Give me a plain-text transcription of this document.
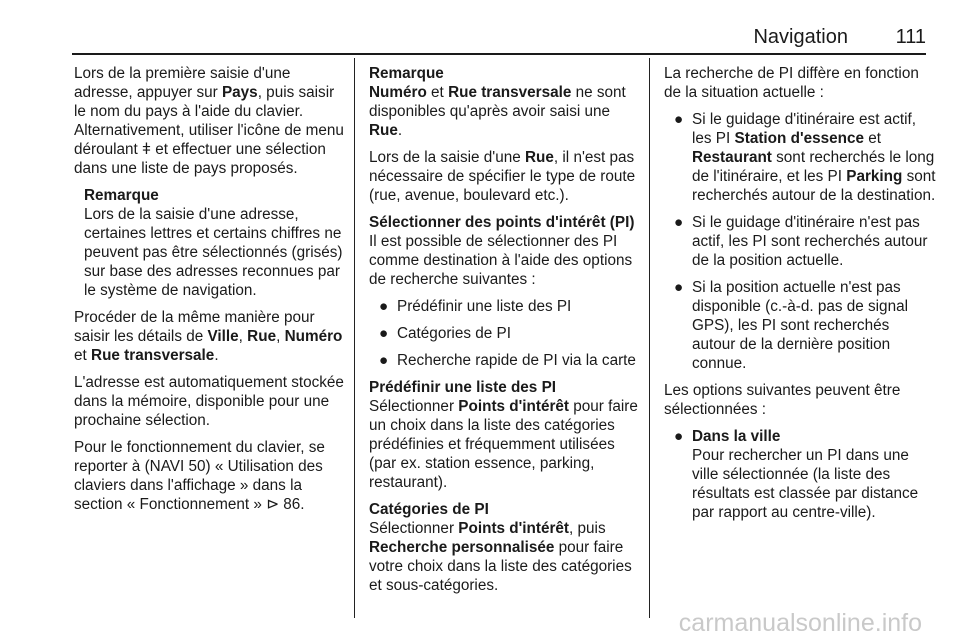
Navigation 111

Lors de la première saisie d'une adresse, appuyer sur Pays, puis saisir le nom du pays à l'aide du clavier. Alternativement, utiliser l'icône de menu déroulant ǂ et effectuer une sélection dans une liste de pays proposés.

Remarque
Lors de la saisie d'une adresse, certaines lettres et certains chiffres ne peuvent pas être sélectionnés (grisés) sur base des adresses reconnues par le système de navigation.

Procéder de la même manière pour saisir les détails de Ville, Rue, Numéro et Rue transversale.

L'adresse est automatiquement stockée dans la mémoire, disponible pour une prochaine sélection.

Pour le fonctionnement du clavier, se reporter à (NAVI 50) « Utilisation des claviers dans l'affichage » dans la section « Fonctionnement » ⊳ 86.

Remarque
Numéro et Rue transversale ne sont disponibles qu'après avoir saisi une Rue.

Lors de la saisie d'une Rue, il n'est pas nécessaire de spécifier le type de route (rue, avenue, boulevard etc.).

Sélectionner des points d'intérêt (PI)

Il est possible de sélectionner des PI comme destination à l'aide des options de recherche suivantes :

● Prédéfinir une liste des PI
● Catégories de PI
● Recherche rapide de PI via la carte
Prédéfinir une liste des PI

Sélectionner Points d'intérêt pour faire un choix dans la liste des catégories prédéfinies et fréquemment utilisées (par ex. station essence, parking, restaurant).

Catégories de PI

Sélectionner Points d'intérêt, puis Recherche personnalisée pour faire votre choix dans la liste des catégories et sous-catégories.

La recherche de PI diffère en fonction de la situation actuelle :

● Si le guidage d'itinéraire est actif, les PI Station d'essence et Restaurant sont recherchés le long de l'itinéraire, et les PI Parking sont recherchés autour de la destination.
● Si le guidage d'itinéraire n'est pas actif, les PI sont recherchés autour de la position actuelle.
● Si la position actuelle n'est pas disponible (c.-à-d. pas de signal GPS), les PI sont recherchés autour de la dernière position connue.

Les options suivantes peuvent être sélectionnées :

● Dans la ville

Pour rechercher un PI dans une ville sélectionnée (la liste des résultats est classée par distance par rapport au centre-ville).

carmanualsonline.info
